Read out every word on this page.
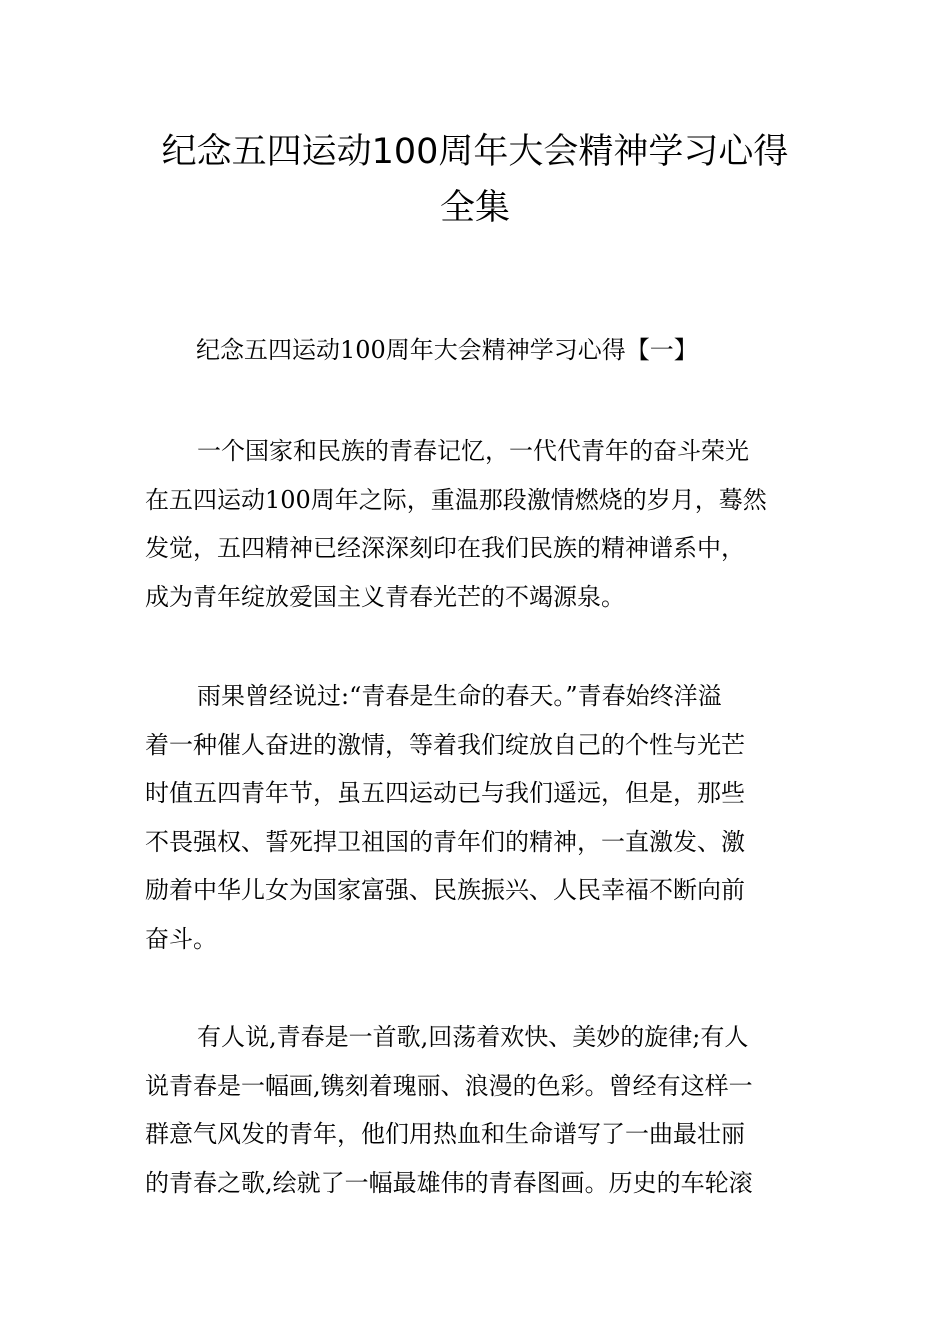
纪念五四运动100周年大会精神学习心得
全集
纪念五四运动100周年大会精神学习心得【一】

一个国家和民族的青春记忆，一代代青年的奋斗荣光
在五四运动100周年之际，重温那段激情燃烧的岁月，蓦然
发觉，五四精神已经深深刻印在我们民族的精神谱系中，
成为青年绽放爱国主义青春光芒的不竭源泉。

雨果曾经说过:“青春是生命的春天。”青春始终洋溢
着一种催人奋进的激情，等着我们绽放自己的个性与光芒
时值五四青年节，虽五四运动已与我们遥远，但是，那些
不畏强权、誓死捍卫祖国的青年们的精神，一直激发、激
励着中华儿女为国家富强、民族振兴、人民幸福不断向前
奋斗。

有人说,青春是一首歌,回荡着欢快、美妙的旋律;有人
说青春是一幅画,镌刻着瑰丽、浪漫的色彩。曾经有这样一
群意气风发的青年，他们用热血和生命谱写了一曲最壮丽
的青春之歌,绘就了一幅最雄伟的青春图画。历史的车轮滚
